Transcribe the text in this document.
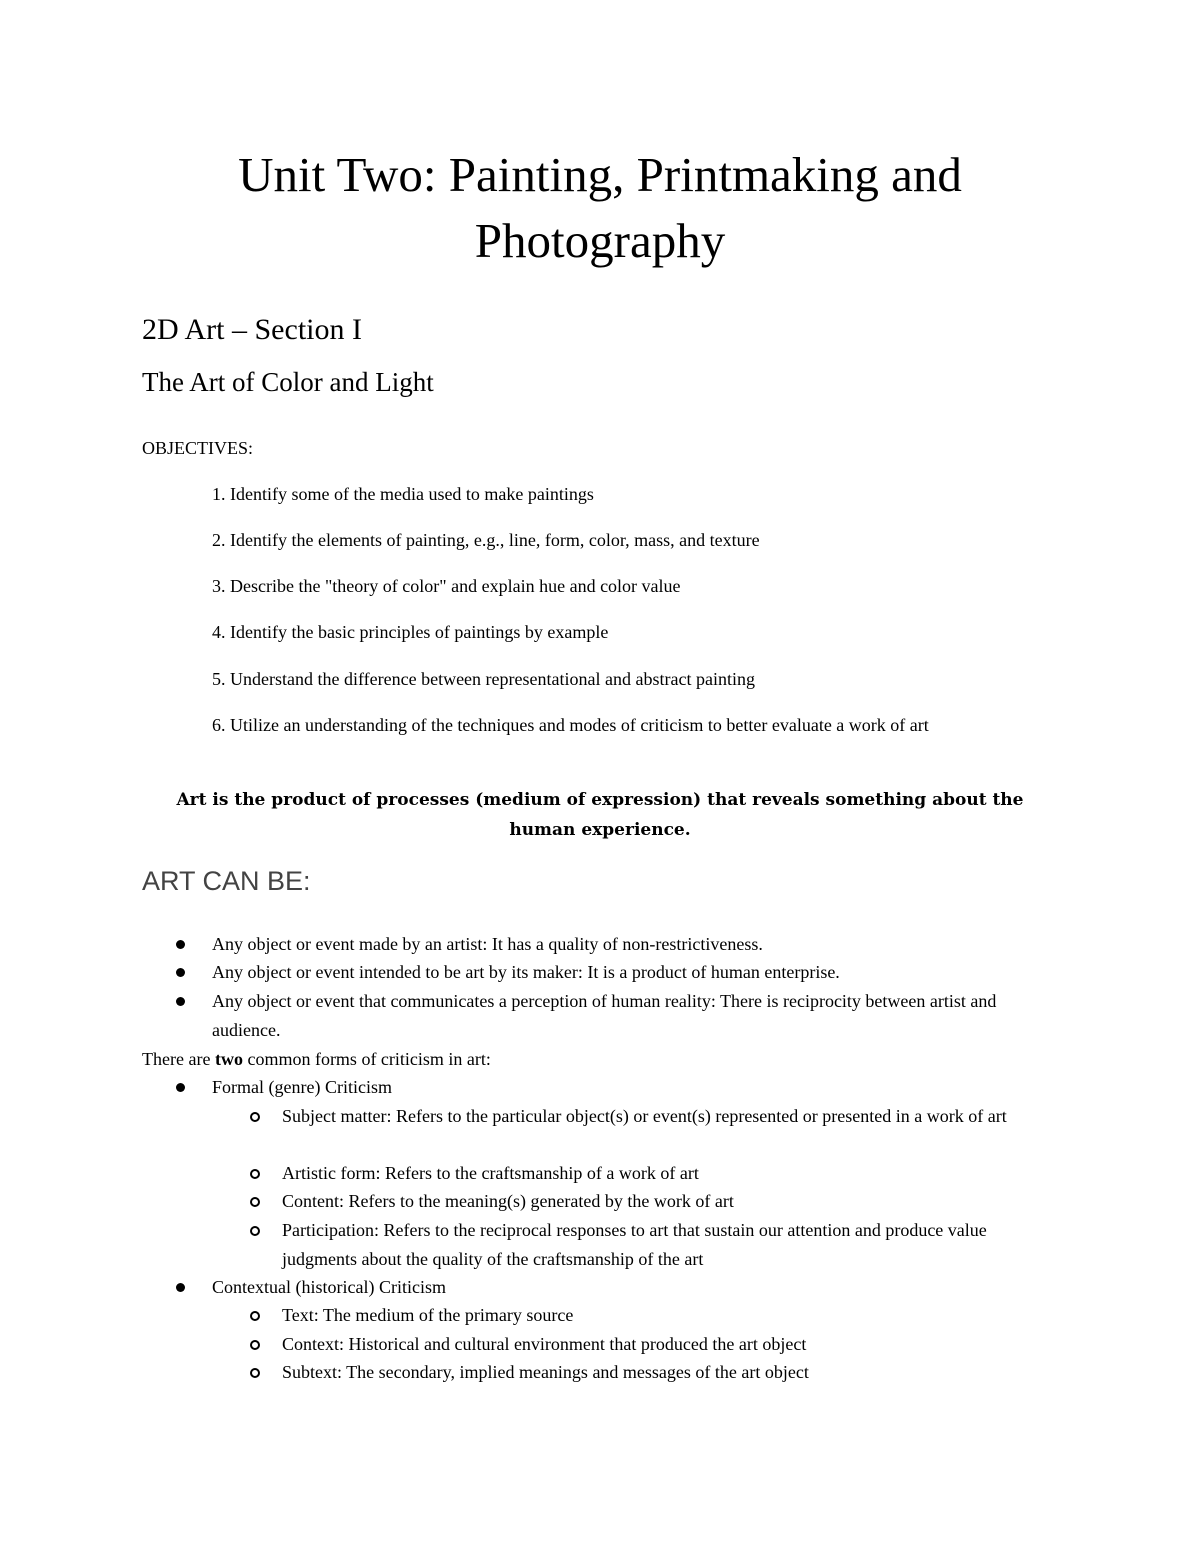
Unit Two: Painting, Printmaking and Photography
2D Art – Section I
The Art of Color and Light
OBJECTIVES:
1. Identify some of the media used to make paintings
2. Identify the elements of painting, e.g., line, form, color, mass, and texture
3. Describe the "theory of color" and explain hue and color value
4. Identify the basic principles of paintings by example
5. Understand the difference between representational and abstract painting
6. Utilize an understanding of the techniques and modes of criticism to better evaluate a work of art
Art is the product of processes (medium of expression) that reveals something about the human experience.
ART CAN BE:
Any object or event made by an artist: It has a quality of non-restrictiveness.
Any object or event intended to be art by its maker: It is a product of human enterprise.
Any object or event that communicates a perception of human reality: There is reciprocity between artist and audience.
There are two common forms of criticism in art:
Formal (genre) Criticism
Subject matter: Refers to the particular object(s) or event(s) represented or presented in a work of art
Artistic form: Refers to the craftsmanship of a work of art
Content: Refers to the meaning(s) generated by the work of art
Participation: Refers to the reciprocal responses to art that sustain our attention and produce value judgments about the quality of the craftsmanship of the art
Contextual (historical) Criticism
Text: The medium of the primary source
Context: Historical and cultural environment that produced the art object
Subtext: The secondary, implied meanings and messages of the art object
